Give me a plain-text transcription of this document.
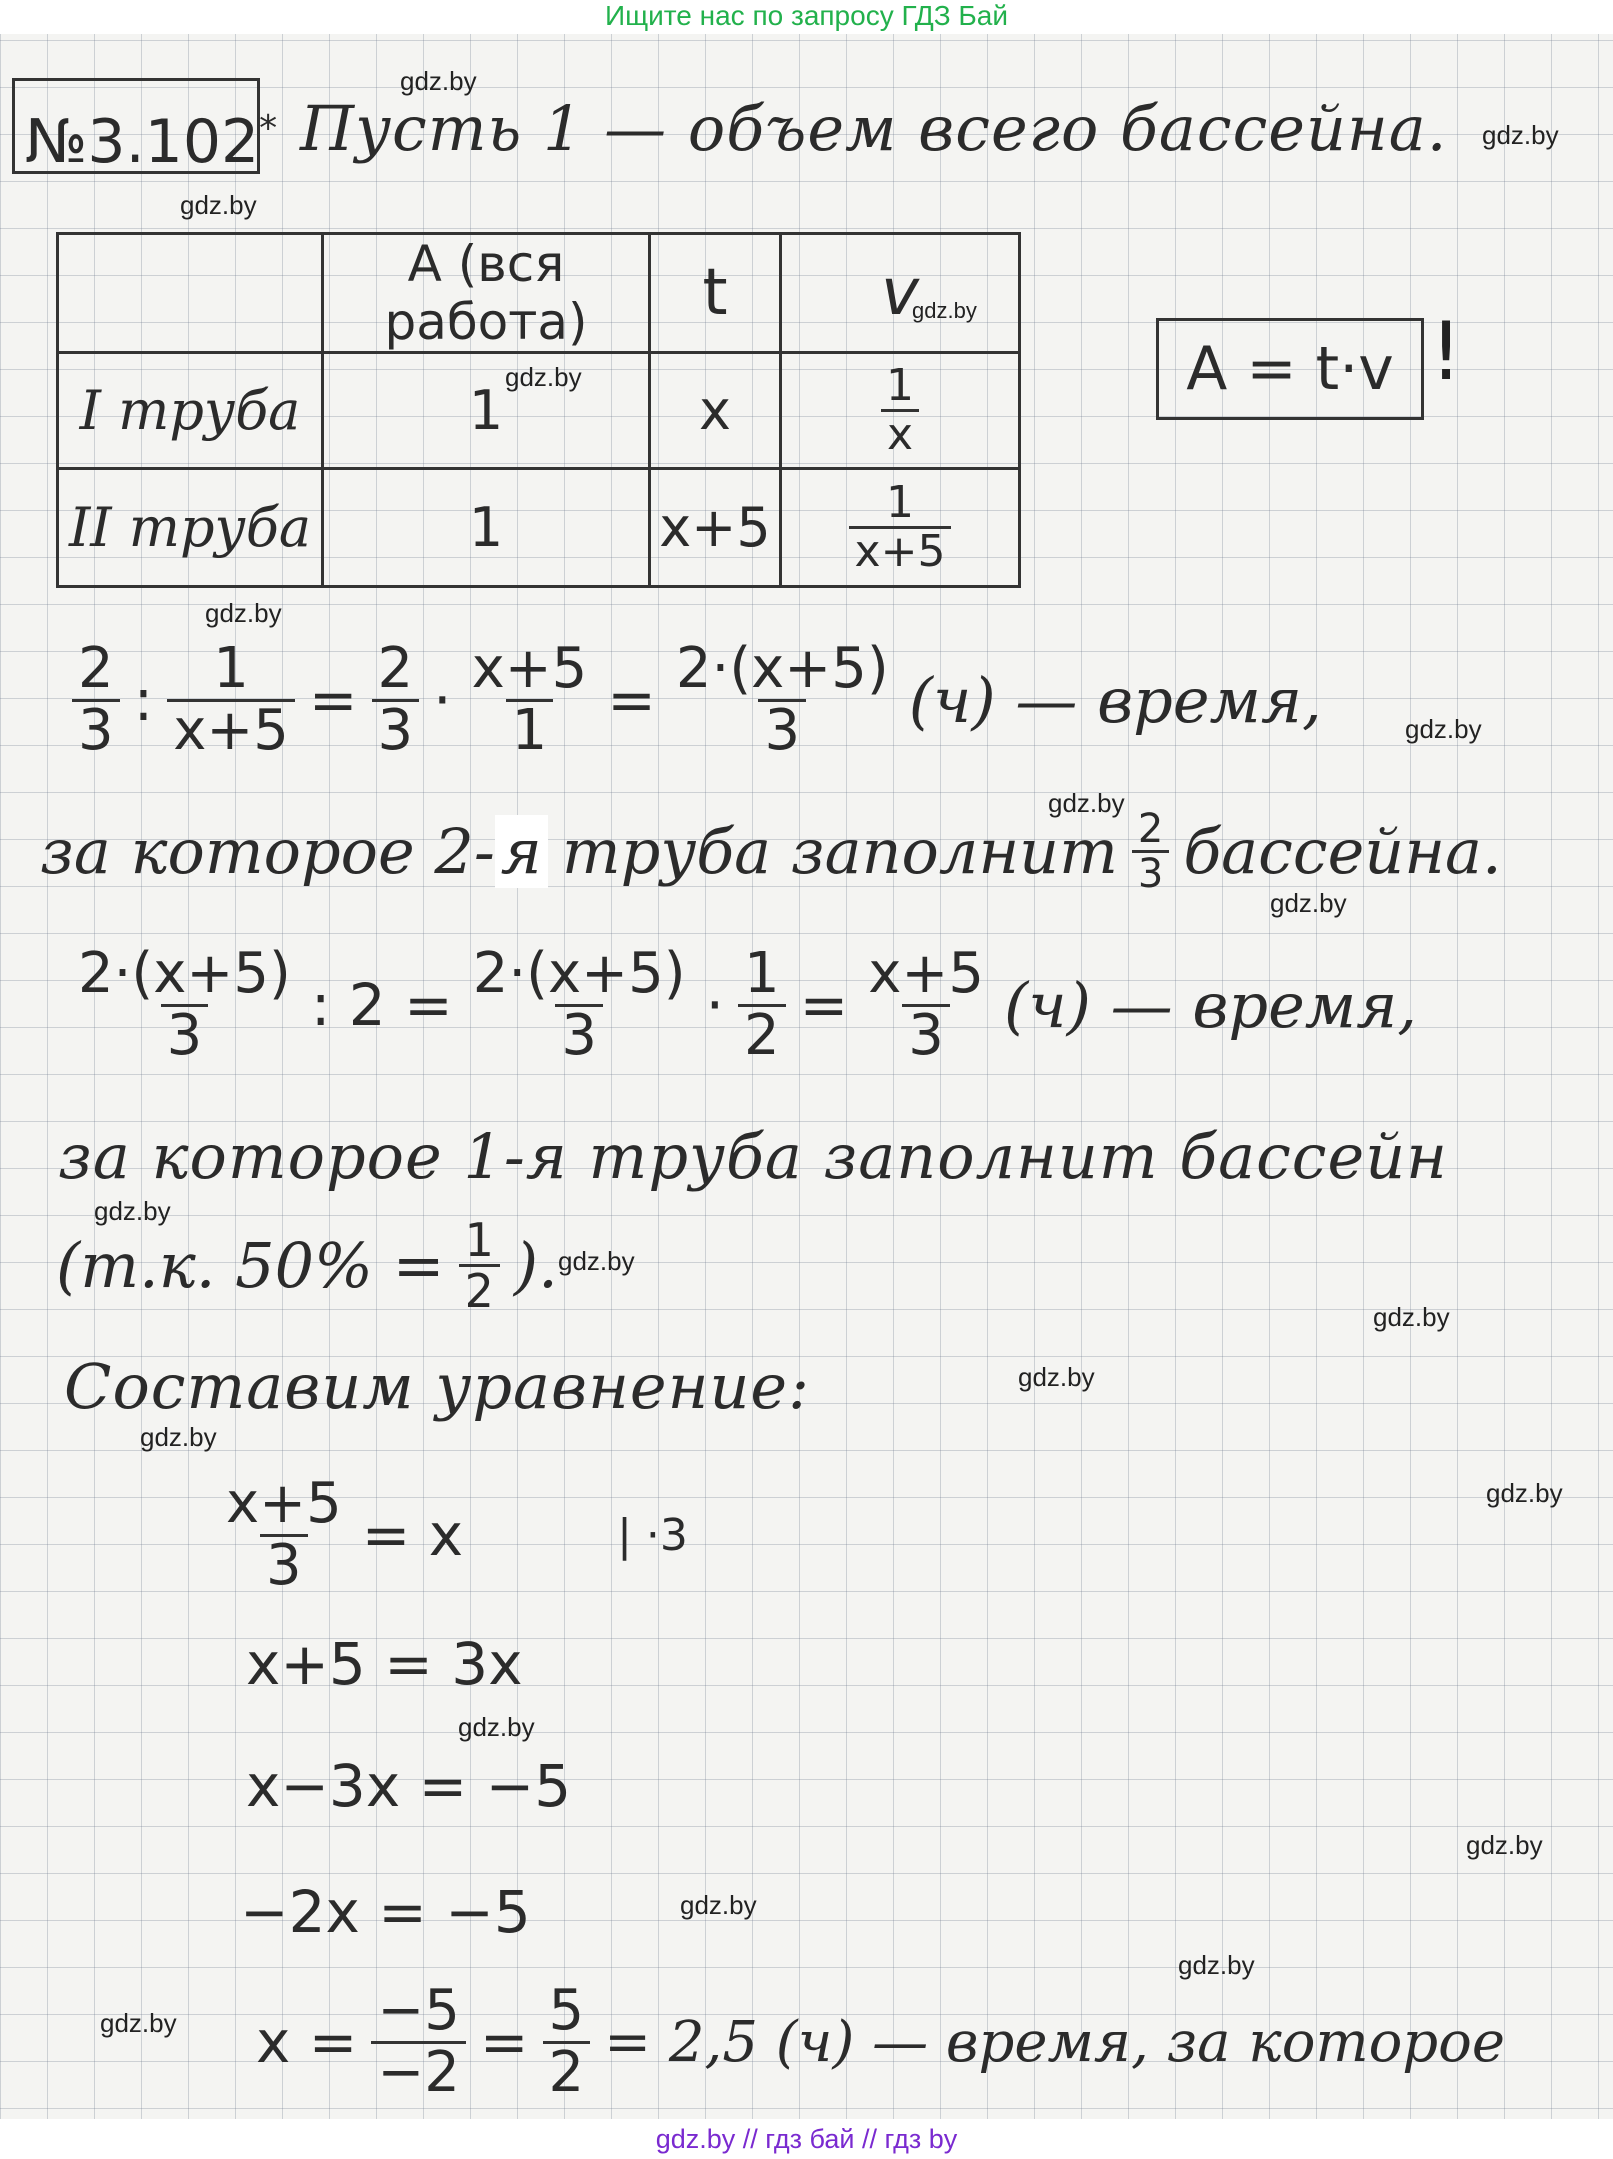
Ищите нас по запросу ГДЗ Бай
gdz.by
gdz.by
gdz.by
gdz.by
gdz.by
gdz.by
gdz.by
gdz.by
gdz.by
gdz.by
gdz.by
gdz.by
gdz.by
gdz.by
gdz.by
gdz.by
gdz.by
gdz.by
gdz.by
gdz.by
№3.102* Пусть 1 — объем всего бассейна.
	A (вся работа)	t	v
I труба	1	x	$\frac{1}{x}$

II труба	1	x+5	$\frac{1}{x+5}$
A = t·v !
$\frac{2}{3}$ : $\frac{1}{x+5} = \frac{2}{3} \cdot \frac{x+5}{1} = \frac{2\cdot(x+5)}{3} (ч)$ — время,
за которое 2- я труба заполнит $\frac{2}{3}$ бассейна.
$\frac{2\cdot(x+5)}{3}$ : $2 = \frac{2\cdot(x+5)}{3} \cdot \frac{1}{2} = \frac{x+5}{3} (ч)$ — время,
за которое 1-я труба заполнит бассейн
(т.к. $50\% = \frac{1}{2}$ ).
Составим уравнение:
$\frac{x+5}{3} = x$	| ·3
x+5 = 3x
x−3x = −5
−2x = −5
$x = \frac{-5}{-2} = \frac{5}{2} = 2,5$ (ч) — время, за которое
gdz.by // гдз бай // гдз by
